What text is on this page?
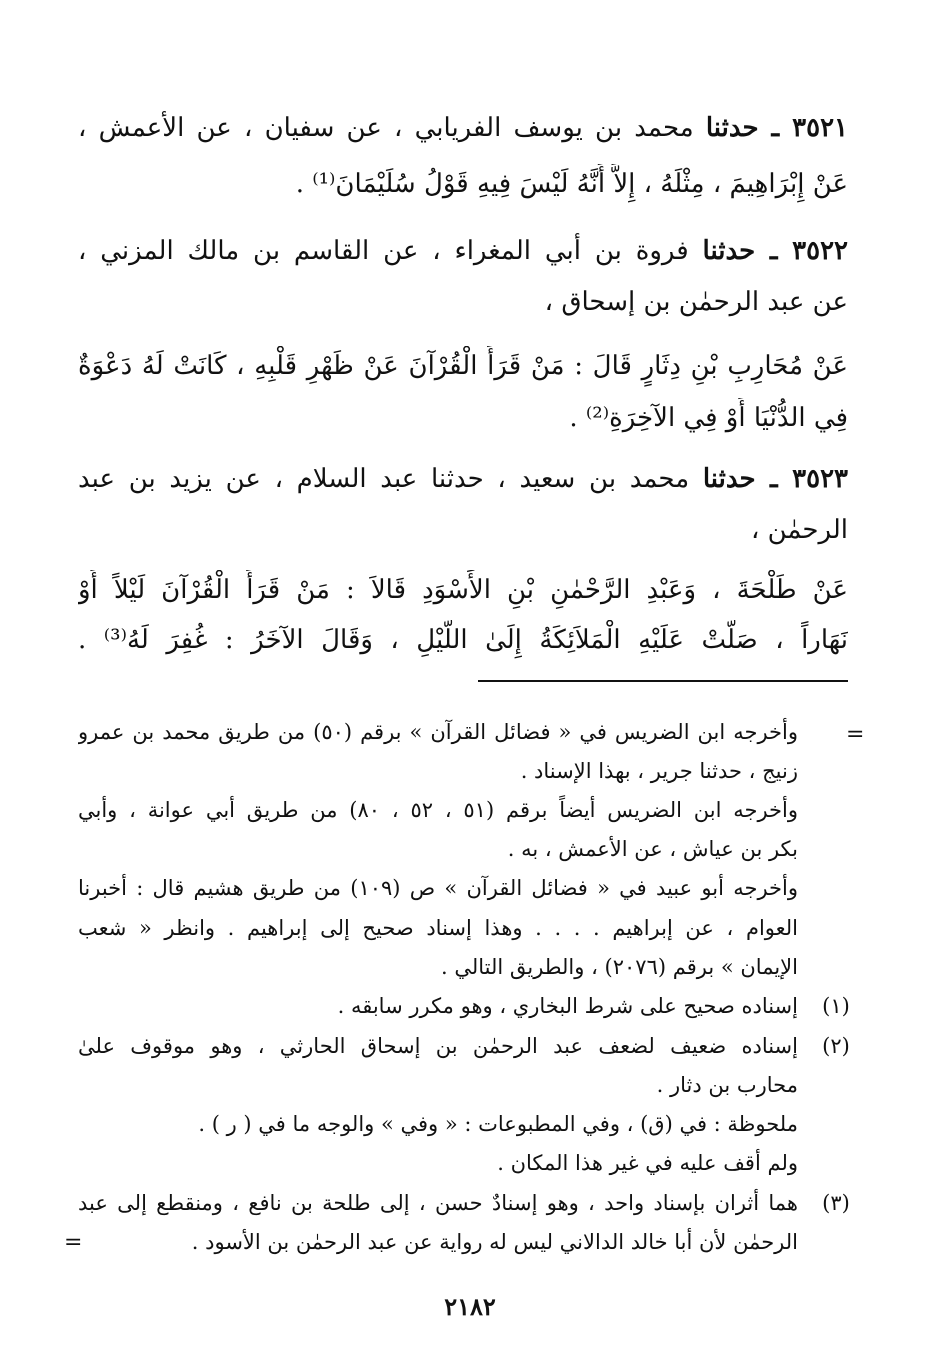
٣٥٢١ ـ حدثنا محمد بن يوسف الفريابي ، عن سفيان ، عن الأعمش ،
عَنْ إِبْرَاهِيمَ ، مِثْلَهُ ، إِلاَّ أَنَّهُ لَيْسَ فِيهِ قَوْلُ سُلَيْمَانَ⁽¹⁾ .
٣٥٢٢ ـ حدثنا فروة بن أبي المغراء ، عن القاسم بن مالك المزني ،
عن عبد الرحمٰن بن إسحاق ،
عَنْ مُحَارِبِ بْنِ دِثَارٍ قَالَ : مَنْ قَرَأَ الْقُرْآنَ عَنْ ظَهْرِ قَلْبِهِ ، كَانَتْ لَهُ دَعْوَةٌ
فِي الدُّنْيَا أَوْ فِي الآخِرَةِ⁽²⁾ .
٣٥٢٣ ـ حدثنا محمد بن سعيد ، حدثنا عبد السلام ، عن يزيد بن عبد
الرحمٰن ،
عَنْ طَلْحَةَ ، وَعَبْدِ الرَّحْمٰنِ بْنِ الأَسْوَدِ قَالاَ : مَنْ قَرَأَ الْقُرْآنَ لَيْلاً أَوْ
نَهَاراً ، صَلَّتْ عَلَيْهِ الْمَلاَئِكَةُ إِلَىٰ اللَّيْلِ ، وَقَالَ الآخَرُ : غُفِرَ لَهُ⁽³⁾ .
=
وأخرجه ابن الضريس في « فضائل القرآن » برقم (٥٠) من طريق محمد بن عمرو
زنيج ، حدثنا جرير ، بهذا الإسناد .
وأخرجه ابن الضريس أيضاً برقم (٥١ ، ٥٢ ، ٨٠) من طريق أبي عوانة ، وأبي
بكر بن عياش ، عن الأعمش ، به .
وأخرجه أبو عبيد في « فضائل القرآن » ص (١٠٩) من طريق هشيم قال : أخبرنا
العوام ، عن إبراهيم . . . . وهذا إسناد صحيح إلى إبراهيم . وانظر « شعب
الإيمان » برقم (٢٠٧٦) ، والطريق التالي .
(١)
إسناده صحيح على شرط البخاري ، وهو مكرر سابقه .
(٢)
إسناده ضعيف لضعف عبد الرحمٰن بن إسحاق الحارثي ، وهو موقوف علىٰ
محارب بن دثار .
ملحوظة : في (ق) ، وفي المطبوعات : « وفي » والوجه ما في ( ر ) .
ولم أقف عليه في غير هذا المكان .
(٣)
هما أثران بإسناد واحد ، وهو إسنادٌ حسن ، إلى طلحة بن نافع ، ومنقطع إلى عبد
الرحمٰن لأن أبا خالد الدالاني ليس له رواية عن عبد الرحمٰن بن الأسود .
=
٢١٨٢
